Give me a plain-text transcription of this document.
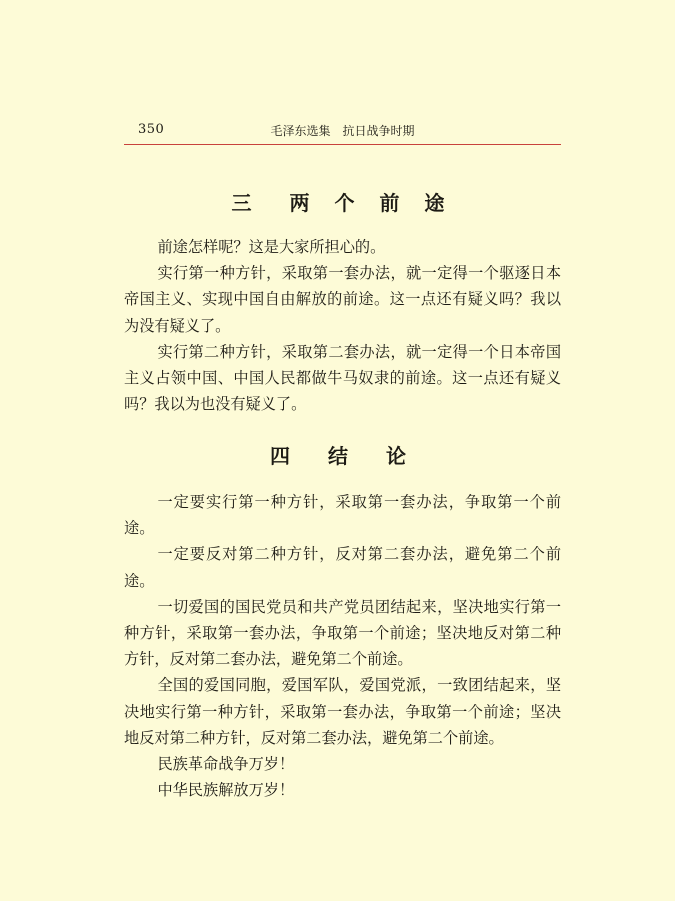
350	毛泽东选集　抗日战争时期
三　两 个 前 途

前途怎样呢？这是大家所担心的。

实行第一种方针，采取第一套办法，就一定得一个驱逐日本帝国主义、实现中国自由解放的前途。这一点还有疑义吗？我以为没有疑义了。

实行第二种方针，采取第二套办法，就一定得一个日本帝国主义占领中国、中国人民都做牛马奴隶的前途。这一点还有疑义吗？我以为也没有疑义了。

四　结　论

一定要实行第一种方针，采取第一套办法，争取第一个前途。

一定要反对第二种方针，反对第二套办法，避免第二个前途。

一切爱国的国民党员和共产党员团结起来，坚决地实行第一种方针，采取第一套办法，争取第一个前途；坚决地反对第二种方针，反对第二套办法，避免第二个前途。

全国的爱国同胞，爱国军队，爱国党派，一致团结起来，坚决地实行第一种方针，采取第一套办法，争取第一个前途；坚决地反对第二种方针，反对第二套办法，避免第二个前途。

民族革命战争万岁！

中华民族解放万岁！
